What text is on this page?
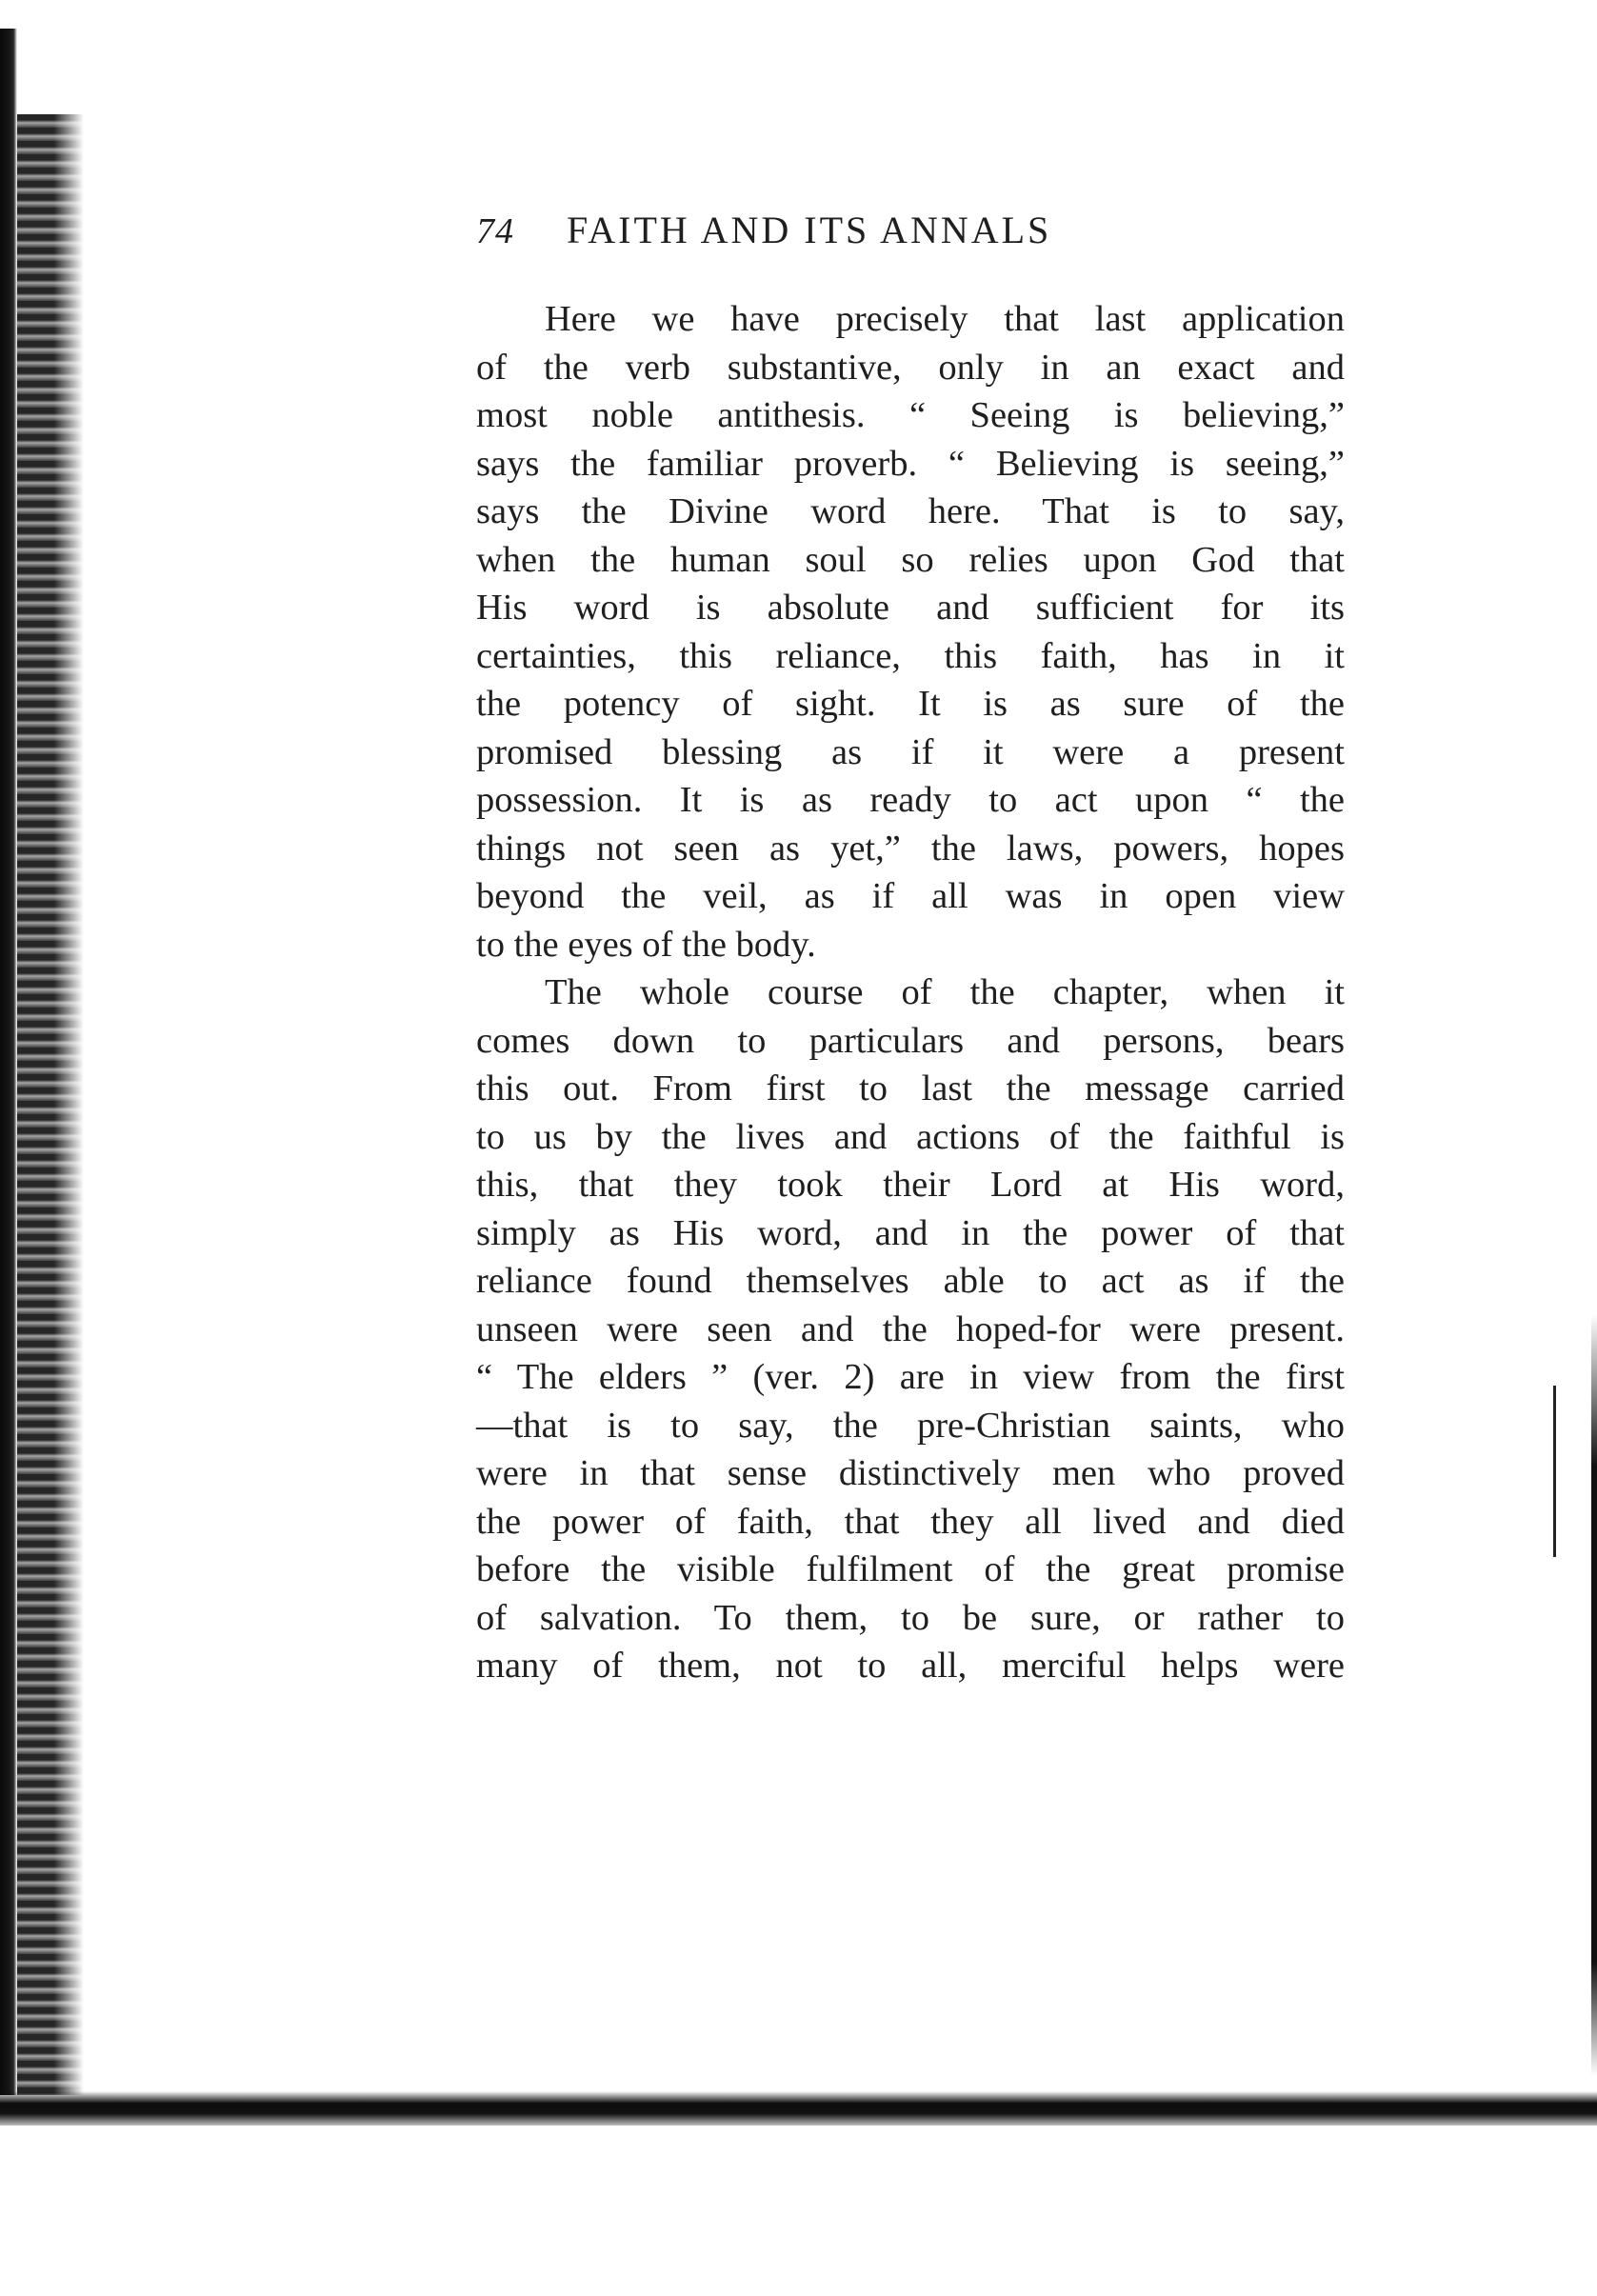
74	FAITH AND ITS ANNALS
Here we have precisely that last application
of the verb substantive, only in an exact and
most noble antithesis. “ Seeing is believing,”
says the familiar proverb. “ Believing is seeing,”
says the Divine word here. That is to say,
when the human soul so relies upon God that
His word is absolute and sufficient for its
certainties, this reliance, this faith, has in it
the potency of sight. It is as sure of the
promised blessing as if it were a present
possession. It is as ready to act upon “ the
things not seen as yet,” the laws, powers, hopes
beyond the veil, as if all was in open view
to the eyes of the body.
The whole course of the chapter, when it
comes down to particulars and persons, bears
this out. From first to last the message carried
to us by the lives and actions of the faithful is
this, that they took their Lord at His word,
simply as His word, and in the power of that
reliance found themselves able to act as if the
unseen were seen and the hoped-for were present.
“ The elders ” (ver. 2) are in view from the first
—that is to say, the pre-Christian saints, who
were in that sense distinctively men who proved
the power of faith, that they all lived and died
before the visible fulfilment of the great promise
of salvation. To them, to be sure, or rather to
many of them, not to all, merciful helps were
